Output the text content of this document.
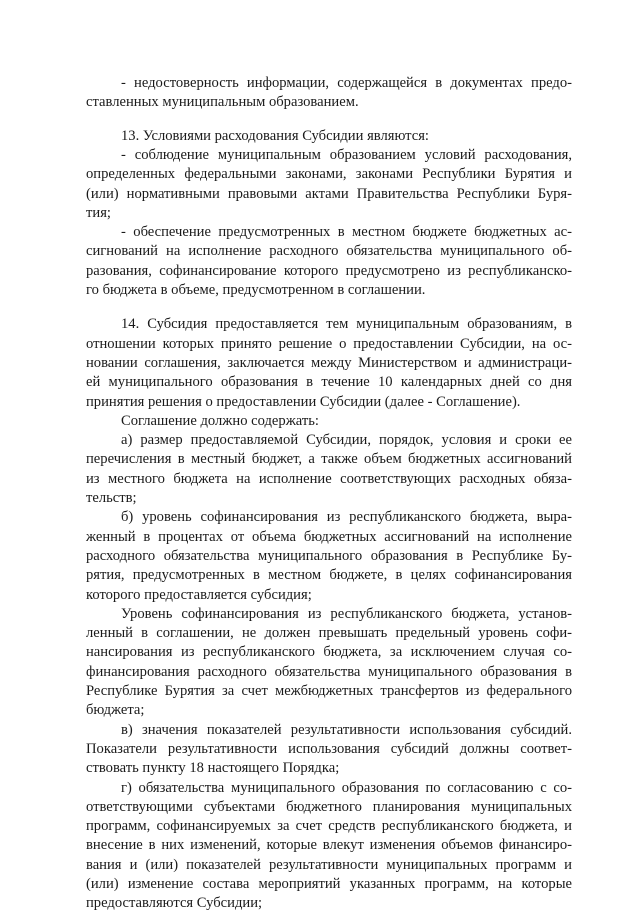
- недостоверность информации, содержащейся в документах предо-

ставленных муниципальным образованием.

13. Условиями расходования Субсидии являются:

- соблюдение муниципальным образованием условий расходования,

определенных федеральными законами, законами Республики Бурятия и

(или) нормативными правовыми актами Правительства Республики Буря-

тия;

- обеспечение предусмотренных в местном бюджете бюджетных ас-

сигнований на исполнение расходного обязательства муниципального об-

разования, софинансирование которого предусмотрено из республиканско-

го бюджета в объеме, предусмотренном в соглашении.

14. Субсидия предоставляется тем муниципальным образованиям, в

отношении которых принято решение о предоставлении Субсидии, на ос-

новании соглашения, заключается между Министерством и администраци-

ей муниципального образования в течение 10 календарных дней со дня

принятия решения о предоставлении Субсидии (далее - Соглашение).

Соглашение должно содержать:

а) размер предоставляемой Субсидии, порядок, условия и сроки ее

перечисления в местный бюджет, а также объем бюджетных ассигнований

из местного бюджета на исполнение соответствующих расходных обяза-

тельств;

б) уровень софинансирования из республиканского бюджета, выра-

женный в процентах от объема бюджетных ассигнований на исполнение

расходного обязательства муниципального образования в Республике Бу-

рятия, предусмотренных в местном бюджете, в целях софинансирования

которого предоставляется субсидия;

Уровень софинансирования из республиканского бюджета, установ-

ленный в соглашении, не должен превышать предельный уровень софи-

нансирования из республиканского бюджета, за исключением случая со-

финансирования расходного обязательства муниципального образования в

Республике Бурятия за счет межбюджетных трансфертов из федерального

бюджета;

в) значения показателей результативности использования субсидий.

Показатели результативности использования субсидий должны соответ-

ствовать пункту 18 настоящего Порядка;

г) обязательства муниципального образования по согласованию с со-

ответствующими субъектами бюджетного планирования муниципальных

программ, софинансируемых за счет средств республиканского бюджета, и

внесение в них изменений, которые влекут изменения объемов финансиро-

вания и (или) показателей результативности муниципальных программ и

(или) изменение состава мероприятий указанных программ, на которые

предоставляются Субсидии;
